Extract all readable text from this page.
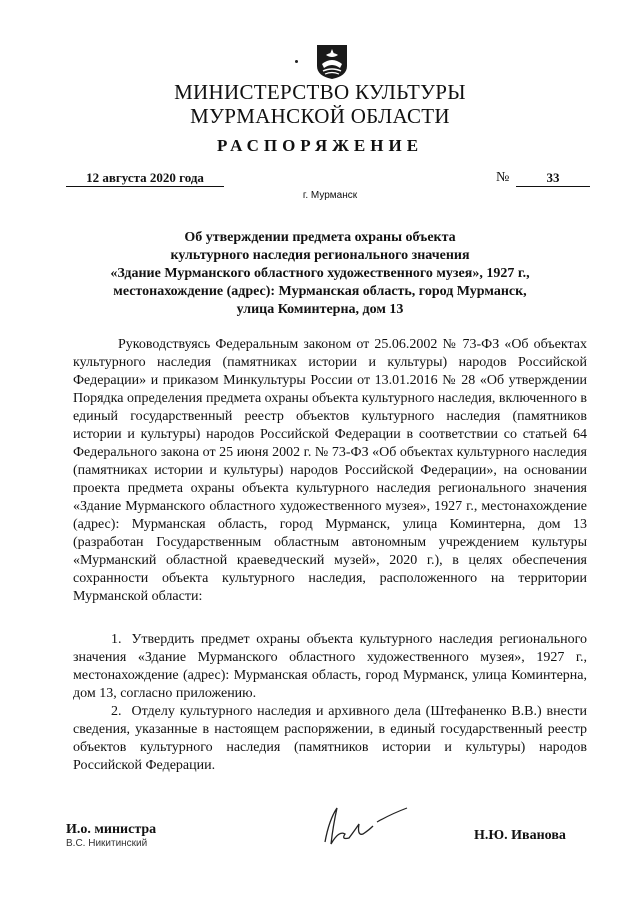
МИНИСТЕРСТВО КУЛЬТУРЫ
МУРМАНСКОЙ ОБЛАСТИ
РАСПОРЯЖЕНИЕ
12 августа 2020 года	№	33
г. Мурманск
Об утверждении предмета охраны объекта
культурного наследия регионального значения
«Здание Мурманского областного художественного музея», 1927 г.,
местонахождение (адрес): Мурманская область, город Мурманск,
улица Коминтерна, дом 13
Руководствуясь Федеральным законом от 25.06.2002 № 73-ФЗ «Об объектах культурного наследия (памятниках истории и культуры) народов Российской Федерации» и приказом Минкультуры России от 13.01.2016 № 28 «Об утверждении Порядка определения предмета охраны объекта культурного наследия, включенного в единый государственный реестр объектов культурного наследия (памятников истории и культуры) народов Российской Федерации в соответствии со статьей 64 Федерального закона от 25 июня 2002 г. № 73-ФЗ «Об объектах культурного наследия (памятниках истории и культуры) народов Российской Федерации», на основании проекта предмета охраны объекта культурного наследия регионального значения «Здание Мурманского областного художественного музея», 1927 г., местонахождение (адрес): Мурманская область, город Мурманск, улица Коминтерна, дом 13 (разработан Государственным областным автономным учреждением культуры «Мурманский областной краеведческий музей», 2020 г.), в целях обеспечения сохранности объекта культурного наследия, расположенного на территории Мурманской области:
1. Утвердить предмет охраны объекта культурного наследия регионального значения «Здание Мурманского областного художественного музея», 1927 г., местонахождение (адрес): Мурманская область, город Мурманск, улица Коминтерна, дом 13, согласно приложению.
2. Отделу культурного наследия и архивного дела (Штефаненко В.В.) внести сведения, указанные в настоящем распоряжении, в единый государственный реестр объектов культурного наследия (памятников истории и культуры) народов Российской Федерации.
И.о. министра
В.С. Никитинский
Н.Ю. Иванова
